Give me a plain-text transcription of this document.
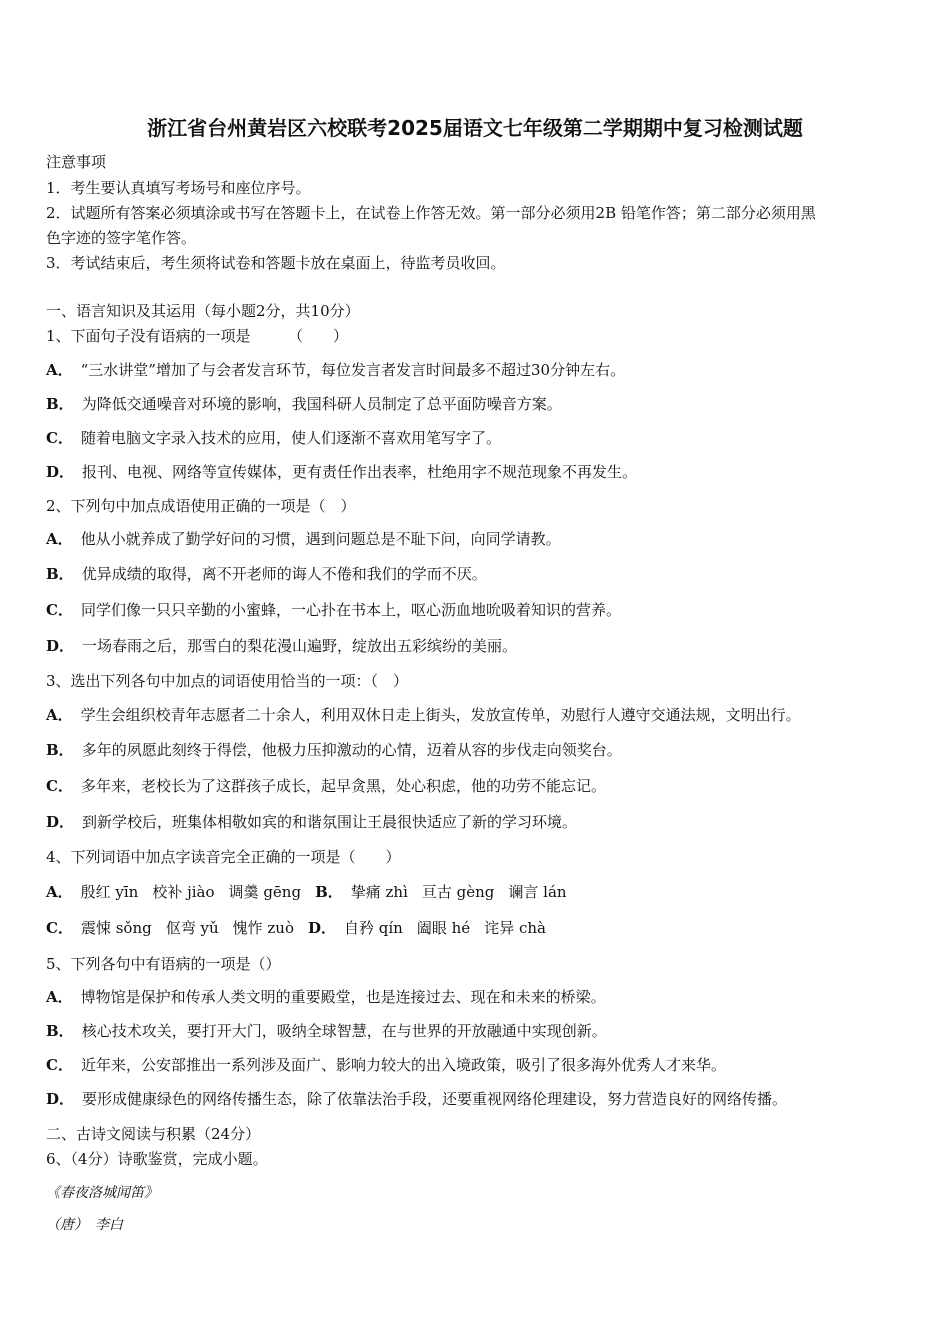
浙江省台州黄岩区六校联考2025届语文七年级第二学期期中复习检测试题
注意事项
1．考生要认真填写考场号和座位序号。
2．试题所有答案必须填涂或书写在答题卡上，在试卷上作答无效。第一部分必须用2B 铅笔作答；第二部分必须用黑
色字迹的签字笔作答。
3．考试结束后，考生须将试卷和答题卡放在桌面上，待监考员收回。
一、语言知识及其运用（每小题2分，共10分）
1、下面句子没有语病的一项是　　　（　　）
A． “三水讲堂”增加了与会者发言环节，每位发言者发言时间最多不超过30分钟左右。
B． 为降低交通噪音对环境的影响，我国科研人员制定了总平面防噪音方案。
C． 随着电脑文字录入技术的应用，使人们逐渐不喜欢用笔写字了。
D． 报刊、电视、网络等宣传媒体，更有责任作出表率，杜绝用字不规范现象不再发生。
2、下列句中加点成语使用正确的一项是（　）
A． 他从小就养成了勤学好问的习惯，遇到问题总是不耻下问，向同学请教。
B． 优异成绩的取得，离不开老师的诲人不倦和我们的学而不厌。
C． 同学们像一只只辛勤的小蜜蜂，一心扑在书本上，呕心沥血地吮吸着知识的营养。
D． 一场春雨之后，那雪白的梨花漫山遍野，绽放出五彩缤纷的美丽。
3、选出下列各句中加点的词语使用恰当的一项：（　）
A． 学生会组织校青年志愿者二十余人，利用双休日走上街头，发放宣传单，劝慰行人遵守交通法规，文明出行。
B． 多年的夙愿此刻终于得偿，他极力压抑激动的心情，迈着从容的步伐走向领奖台。
C． 多年来，老校长为了这群孩子成长，起早贪黑，处心积虑，他的功劳不能忘记。
D． 到新学校后，班集体相敬如宾的和谐氛围让王晨很快适应了新的学习环境。
4、下列词语中加点字读音完全正确的一项是（　　）
A． 殷红 yīn 校补 jiào 调羹 gēng B． 挚痛 zhì 亘古 gèng 谰言 lán
C． 震悚 sǒng 伛弯 yǔ 愧怍 zuò D． 自矜 qín 阖眼 hé 诧异 chà
5、下列各句中有语病的一项是（）
A． 博物馆是保护和传承人类文明的重要殿堂，也是连接过去、现在和未来的桥梁。
B． 核心技术攻关，要打开大门，吸纳全球智慧，在与世界的开放融通中实现创新。
C． 近年来，公安部推出一系列涉及面广、影响力较大的出入境政策，吸引了很多海外优秀人才来华。
D． 要形成健康绿色的网络传播生态，除了依靠法治手段，还要重视网络伦理建设，努力营造良好的网络传播。
二、古诗文阅读与积累（24分）
6、（4分）诗歌鉴赏，完成小题。
《春夜洛城闻笛》
（唐）　李白
